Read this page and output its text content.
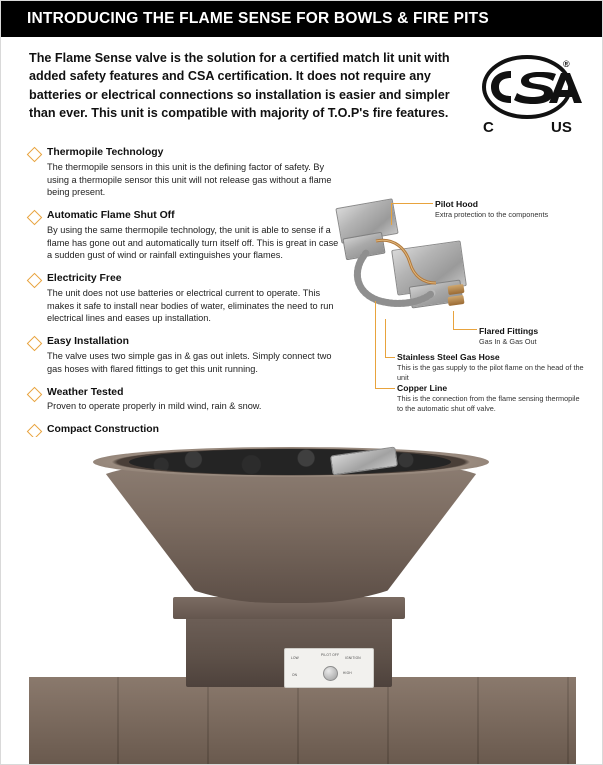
INTRODUCING THE FLAME SENSE FOR BOWLS & FIRE PITS
The Flame Sense valve is the solution for a certified match lit unit with added safety features and CSA certification. It does not require any batteries or electrical connections so installation is easier and simpler than ever. This unit is compatible with majority of T.O.P's fire features.
®
C	US
Thermopile Technology
The thermopile sensors in this unit is the defining factor of safety. By using a thermopile sensor this unit will not release gas without a flame being present.
Automatic Flame Shut Off
By using the same thermopile technology, the unit is able to sense if a flame has gone out and automatically turn itself off. This is great in case a sudden gust of wind or rainfall extinguishes your flames.
Electricity Free
The unit does not use batteries or electrical current to operate. This makes it safe to install near bodies of water, eliminates the need to run electrical lines and eases up installation.
Easy Installation
The valve uses two simple gas in & gas out inlets. Simply connect two gas hoses with flared fittings to get this unit running.
Weather Tested
Proven to operate properly in mild wind, rain & snow.
Compact Construction
Pilot Hood
Extra protection to the components
Flared Fittings
Gas In & Gas Out
Stainless Steel Gas Hose
This is the gas supply to the pilot flame on the head of the unit
Copper Line
This is the connection from the flame sensing thermopile to the automatic shut off valve.
LOW
PILOT OFF
ON	HIGH
IGNITION
